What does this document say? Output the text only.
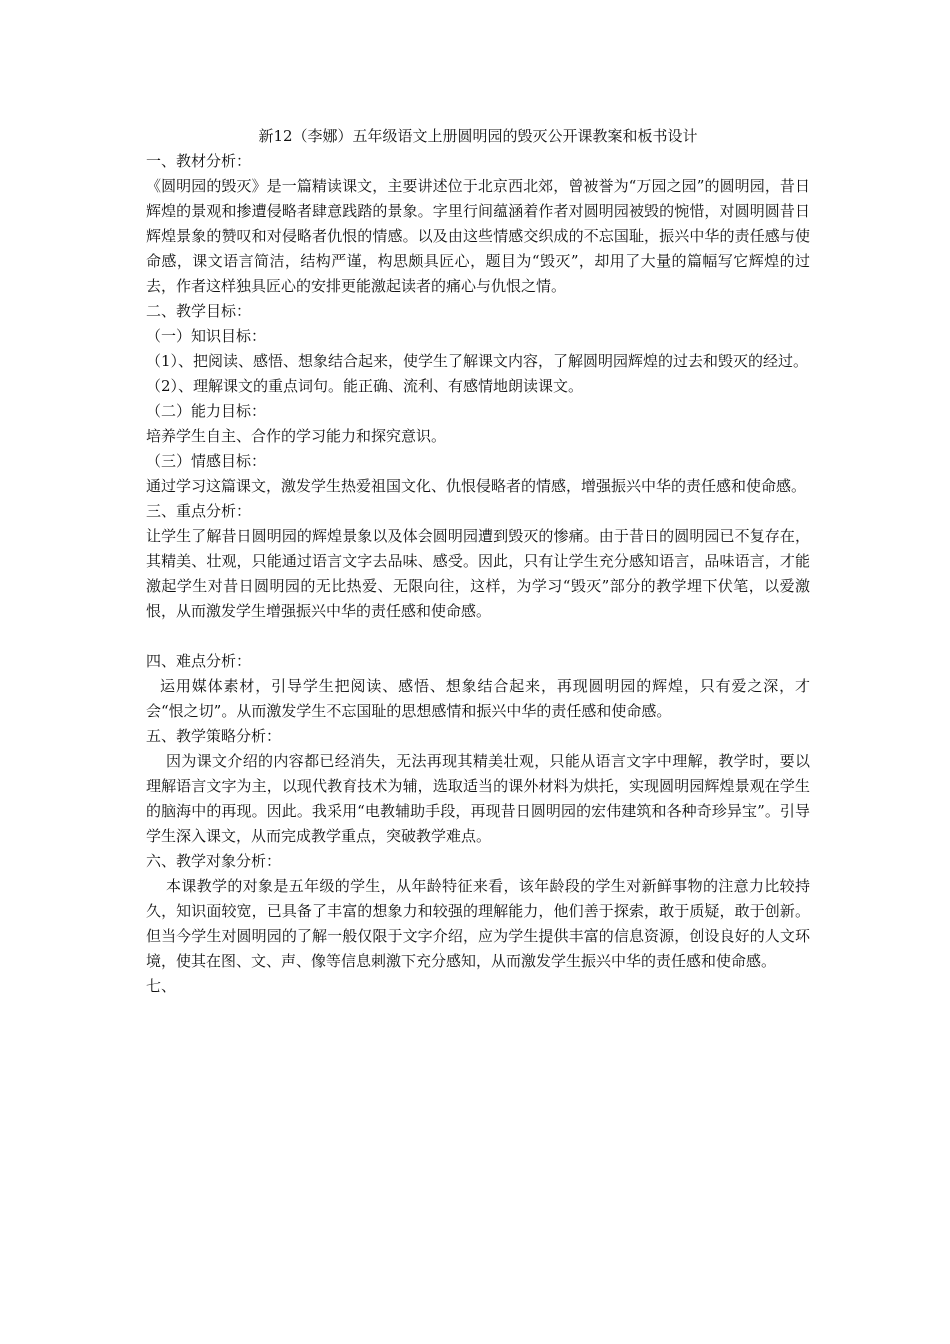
新12（李娜）五年级语文上册圆明园的毁灭公开课教案和板书设计

一、教材分析：

《圆明园的毁灭》是一篇精读课文，主要讲述位于北京西北郊，曾被誉为“万园之园”的圆明园，昔日辉煌的景观和掺遭侵略者肆意践踏的景象。字里行间蕴涵着作者对圆明园被毁的惋惜，对圆明圆昔日辉煌景象的赞叹和对侵略者仇恨的情感。以及由这些情感交织成的不忘国耻，振兴中华的责任感与使命感，课文语言简洁，结构严谨，构思颇具匠心，题目为“毁灭”，却用了大量的篇幅写它辉煌的过去，作者这样独具匠心的安排更能激起读者的痛心与仇恨之情。

二、教学目标：

（一）知识目标：

（1）、把阅读、感悟、想象结合起来，使学生了解课文内容，了解圆明园辉煌的过去和毁灭的经过。

（2）、理解课文的重点词句。能正确、流利、有感情地朗读课文。

（二）能力目标：

培养学生自主、合作的学习能力和探究意识。

（三）情感目标：

通过学习这篇课文，激发学生热爱祖国文化、仇恨侵略者的情感，增强振兴中华的责任感和使命感。

三、重点分析：

让学生了解昔日圆明园的辉煌景象以及体会圆明园遭到毁灭的惨痛。由于昔日的圆明园已不复存在，其精美、壮观，只能通过语言文字去品味、感受。因此，只有让学生充分感知语言，品味语言，才能激起学生对昔日圆明园的无比热爱、无限向往，这样，为学习“毁灭”部分的教学埋下伏笔，以爱激恨，从而激发学生增强振兴中华的责任感和使命感。

四、难点分析：

运用媒体素材，引导学生把阅读、感悟、想象结合起来，再现圆明园的辉煌，只有爱之深，才会“恨之切”。从而激发学生不忘国耻的思想感情和振兴中华的责任感和使命感。

五、教学策略分析：

因为课文介绍的内容都已经消失，无法再现其精美壮观，只能从语言文字中理解，教学时，要以理解语言文字为主，以现代教育技术为辅，选取适当的课外材料为烘托，实现圆明园辉煌景观在学生的脑海中的再现。因此。我采用“电教辅助手段，再现昔日圆明园的宏伟建筑和各种奇珍异宝”。引导学生深入课文，从而完成教学重点，突破教学难点。

六、教学对象分析：

本课教学的对象是五年级的学生，从年龄特征来看，该年龄段的学生对新鲜事物的注意力比较持久，知识面较宽，已具备了丰富的想象力和较强的理解能力，他们善于探索，敢于质疑，敢于创新。但当今学生对圆明园的了解一般仅限于文字介绍，应为学生提供丰富的信息资源，创设良好的人文环境，使其在图、文、声、像等信息刺激下充分感知，从而激发学生振兴中华的责任感和使命感。

七、
